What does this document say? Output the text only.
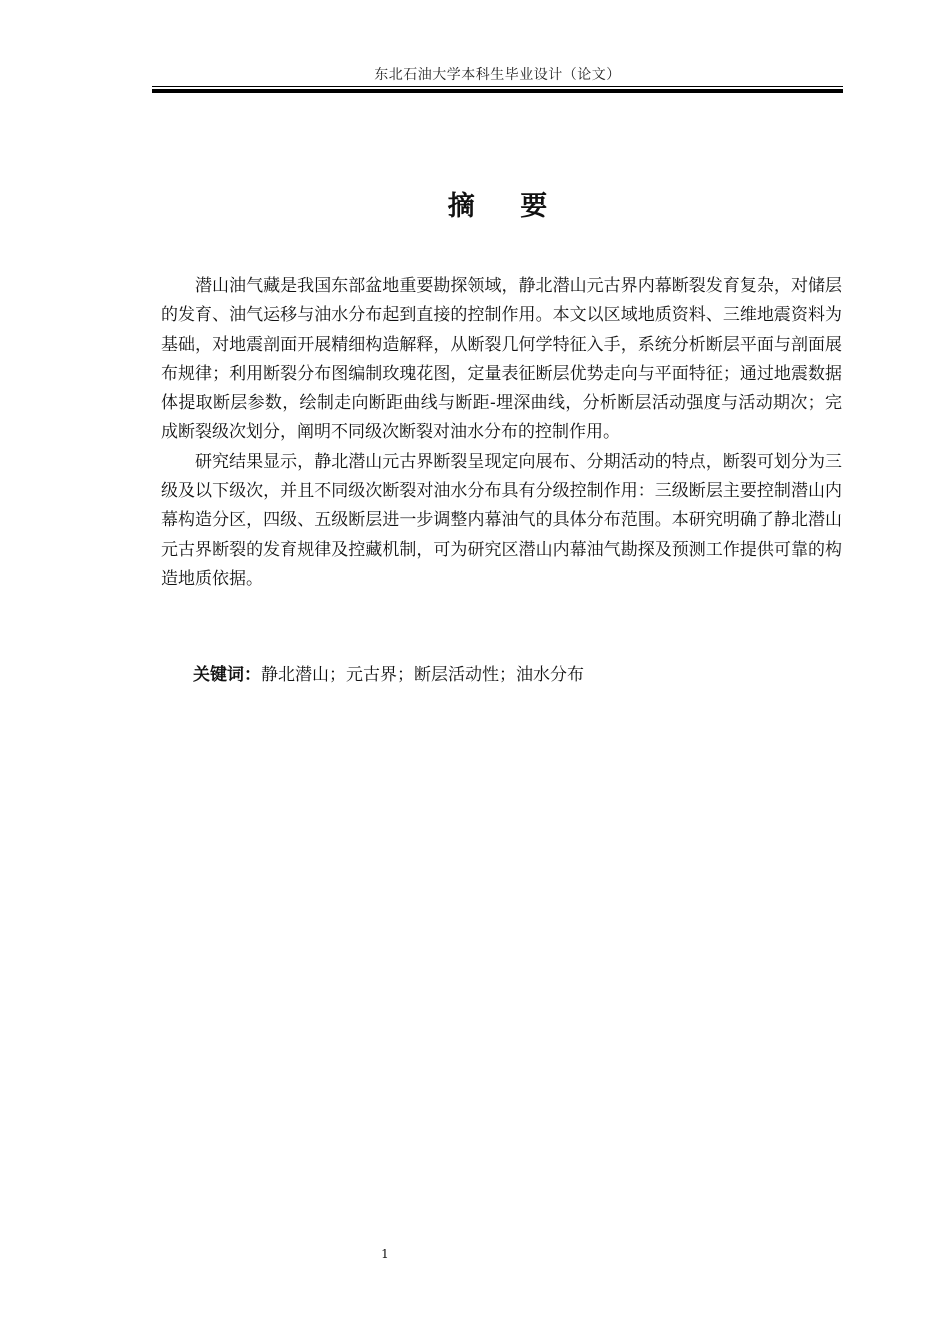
东北石油大学本科生毕业设计（论文）
摘 要

潜山油气藏是我国东部盆地重要勘探领域，静北潜山元古界内幕断裂发育复杂，对储层的发育、油气运移与油水分布起到直接的控制作用。本文以区域地质资料、三维地震资料为基础，对地震剖面开展精细构造解释，从断裂几何学特征入手，系统分析断层平面与剖面展布规律；利用断裂分布图编制玫瑰花图，定量表征断层优势走向与平面特征；通过地震数据体提取断层参数，绘制走向断距曲线与断距-埋深曲线，分析断层活动强度与活动期次；完成断裂级次划分，阐明不同级次断裂对油水分布的控制作用。

研究结果显示，静北潜山元古界断裂呈现定向展布、分期活动的特点，断裂可划分为三级及以下级次，并且不同级次断裂对油水分布具有分级控制作用：三级断层主要控制潜山内幕构造分区，四级、五级断层进一步调整内幕油气的具体分布范围。本研究明确了静北潜山元古界断裂的发育规律及控藏机制，可为研究区潜山内幕油气勘探及预测工作提供可靠的构造地质依据。

关键词：静北潜山；元古界；断层活动性；油水分布
1
